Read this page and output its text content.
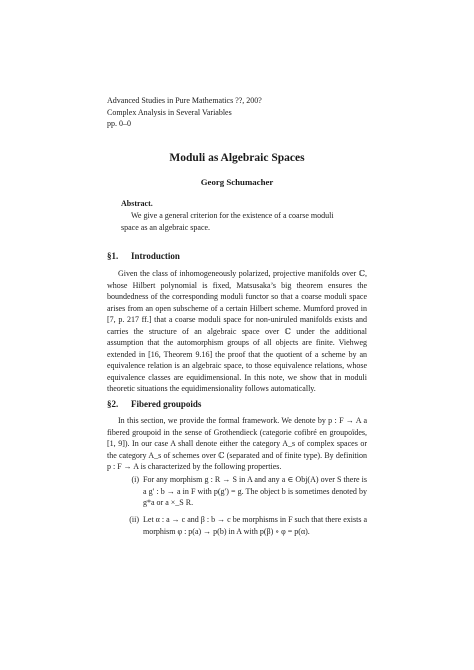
Advanced Studies in Pure Mathematics ??, 200?
Complex Analysis in Several Variables
pp. 0–0
Moduli as Algebraic Spaces
Georg Schumacher
Abstract.
We give a general criterion for the existence of a coarse moduli space as an algebraic space.
§1. Introduction
Given the class of inhomogeneously polarized, projective manifolds over ℂ, whose Hilbert polynomial is fixed, Matsusaka’s big theorem ensures the boundedness of the corresponding moduli functor so that a coarse moduli space arises from an open subscheme of a certain Hilbert scheme. Mumford proved in [7, p. 217 ff.] that a coarse moduli space for non-uniruled manifolds exists and carries the structure of an algebraic space over ℂ under the additional assumption that the automorphism groups of all objects are finite. Viehweg extended in [16, Theorem 9.16] the proof that the quotient of a scheme by an equivalence relation is an algebraic space, to those equivalence relations, whose equivalence classes are equidimensional. In this note, we show that in moduli theoretic situations the equidimensionality follows automatically.
§2. Fibered groupoids
In this section, we provide the formal framework. We denote by p : F → A a fibered groupoid in the sense of Grothendieck (categorie cofibré en groupoïdes, [1, 9]). In our case A shall denote either the category A_s of complex spaces or the category A_s of schemes over ℂ (separated and of finite type). By definition p : F → A is characterized by the following properties.
(i) For any morphism g : R → S in A and any a ∈ Obj(A) over S there is a g′ : b → a in F with p(g′) = g. The object b is sometimes denoted by g*a or a ×_S R.
(ii) Let α : a → c and β : b → c be morphisms in F such that there exists a morphism φ : p(a) → p(b) in A with p(β) ∘ φ = p(α).
